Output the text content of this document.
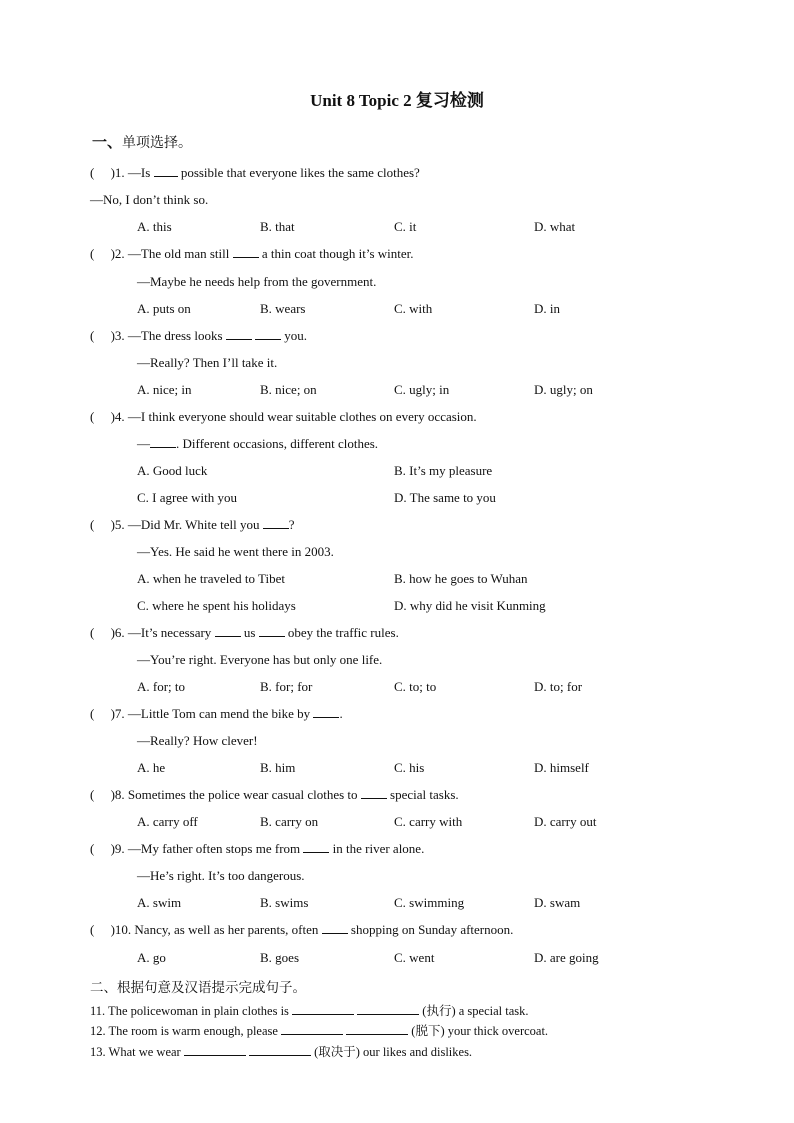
Unit 8 Topic 2 复习检测
一、单项选择。
(     )1. —Is  possible that everyone likes the same clothes?
—No, I don’t think so.
A. this	B. that	C. it	D. what
(     )2. —The old man still  a thin coat though it’s winter.
—Maybe he needs help from the government.
A. puts on	B. wears	C. with	D. in
(     )3. —The dress looks	you.
—Really? Then I’ll take it.
A. nice; in	B. nice; on	C. ugly; in	D. ugly; on
(     )4. —I think everyone should wear suitable clothes on every occasion.
— . Different occasions, different clothes.
A. Good luck	B. It’s my pleasure
C. I agree with you	D. The same to you
(     )5. —Did Mr. White tell you ?
—Yes. He said he went there in 2003.
A. when he traveled to Tibet	B. how he goes to Wuhan
C. where he spent his holidays	D. why did he visit Kunming
(     )6. —It’s necessary  us  obey the traffic rules.
—You’re right. Everyone has but only one life.
A. for; to	B. for; for	C. to; to	D. to; for
(     )7. —Little Tom can mend the bike by .
—Really? How clever!
A. he	B. him	C. his	D. himself
(     )8. Sometimes the police wear casual clothes to  special tasks.
A. carry off	B. carry on	C. carry with	D. carry out
(     )9. —My father often stops me from  in the river alone.
—He’s right. It’s too dangerous.
A. swim	B. swims	C. swimming	D. swam
(     )10. Nancy, as well as her parents, often  shopping on Sunday afternoon.
A. go	B. goes	C. went	D. are going
二、根据句意及汉语提示完成句子。
11. The policewoman in plain clothes is	(执行) a special task.
12. The room is warm enough, please	(脱下) your thick overcoat.
13. What we wear	(取决于) our likes and dislikes.
